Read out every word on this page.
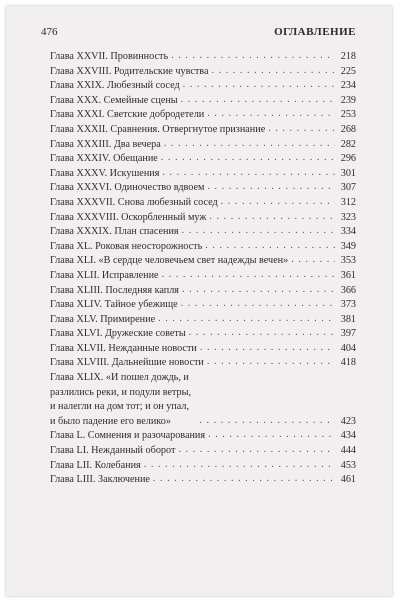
476	ОГЛАВЛЕНИЕ
Глава XXVII. Провинность . . .	218
Глава XXVIII. Родительские чувства . . .	225
Глава XXIX. Любезный сосед . . .	234
Глава XXX. Семейные сцены . . .	239
Глава XXXI. Светские добродетели . . .	253
Глава XXXII. Сравнения. Отвергнутое признание . . .	268
Глава XXXIII. Два вечера . . .	282
Глава XXXIV. Обещание . . .	296
Глава XXXV. Искушения . . .	301
Глава XXXVI. Одиночество вдвоем . . .	307
Глава XXXVII. Снова любезный сосед . . .	312
Глава XXXVIII. Оскорбленный муж . . .	323
Глава XXXIX. План спасения . . .	334
Глава XL. Роковая неосторожность . . .	349
Глава XLI. «В сердце человечьем свет надежды вечен» . . .	353
Глава XLII. Исправление . . .	361
Глава XLIII. Последняя капля . . .	366
Глава XLIV. Тайное убежище . . .	373
Глава XLV. Примирение . . .	381
Глава XLVI. Дружеские советы . . .	397
Глава XLVII. Нежданные новости . . .	404
Глава XLVIII. Дальнейшие новости . . .	418
Глава XLIX. «И пошел дождь, и разлились реки, и подули ветры, и налегли на дом тот; и он упал, и было падение его велико» . . .	423
Глава L. Сомнения и разочарования . . .	434
Глава LI. Нежданный оборот . . .	444
Глава LII. Колебания . . .	453
Глава LIII. Заключение . . .	461
